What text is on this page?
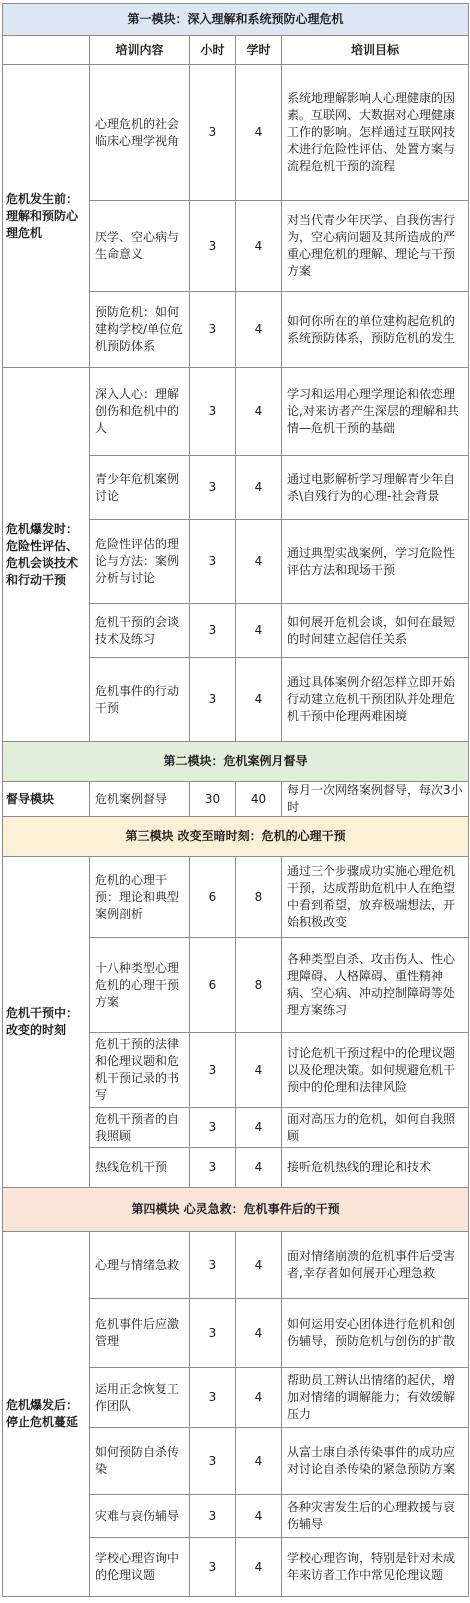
第一模块：深入理解和系统预防心理危机				
	培训内容	小时	学时	培训目标
危机发生前：理解和预防心理危机	心理危机的社会临床心理学视角	3	4	系统地理解影响人心理健康的因素。互联网、大数据对心理健康工作的影响。怎样通过互联网技术进行危险性评估、处置方案与流程危机干预的流程
	厌学、空心病与生命意义	3	4	对当代青少年厌学、自我伤害行为，空心病问题及其所造成的严重心理危机的理解、理论与干预方案
	预防危机：如何建构学校/单位危机预防体系	3	4	如何你所在的单位建构起危机的系统预防体系，预防危机的发生
危机爆发时：危险性评估、危机会谈技术和行动干预	深入人心：理解创伤和危机中的人	3	4	学习和运用心理学理论和依恋理论,对来访者产生深层的理解和共情—危机干预的基础
	青少年危机案例讨论	3	4	通过电影解析学习理解青少年自杀\自残行为的心理-社会背景
	危险性评估的理论与方法：案例分析与讨论	3	4	通过典型实战案例，学习危险性评估方法和现场干预
	危机干预的会谈技术及练习	3	4	如何展开危机会谈，如何在最短的时间建立起信任关系
	危机事件的行动干预	3	4	通过具体案例介绍怎样立即开始行动建立危机干预团队并处理危机干预中伦理两难困境
第二模块：危机案例月督导				
督导模块	危机案例督导	30	40	每月一次网络案例督导，每次3小时
第三模块 改变至暗时刻：危机的心理干预				
危机干预中：改变的时刻	危机的心理干预：理论和典型案例剖析	6	8	通过三个步骤成功实施心理危机干预，达成帮助危机中人在绝望中看到希望，放弃极端想法，开始积极改变
	十八种类型心理危机的心理干预方案	6	8	各种类型自杀、攻击伤人、性心理障碍、人格障碍、重性精神病、空心病、冲动控制障碍等处理方案练习
	危机干预的法律和伦理议题和危机干预记录的书写	3	4	讨论危机干预过程中的伦理议题以及伦理决策。如何规避危机干预中的伦理和法律风险
	危机干预者的自我照顾	3	4	面对高压力的危机，如何自我照顾
	热线危机干预	3	4	接听危机热线的理论和技术
第四模块 心灵急救：危机事件后的干预				
危机爆发后：停止危机蔓延	心理与情绪急救	3	4	面对情绪崩溃的危机事件后受害者,幸存者如何展开心理急救
	危机事件后应激管理	3	4	如何运用安心团体进行危机和创伤辅导，预防危机与创伤的扩散
	运用正念恢复工作团队	3	4	帮助员工辨认出情绪的起伏，增加对情绪的调解能力；有效缓解压力
	如何预防自杀传染	3	4	从富士康自杀传染事件的成功应对讨论自杀传染的紧急预防方案
	灾难与哀伤辅导	3	4	各种灾害发生后的心理救援与哀伤辅导
	学校心理咨询中的伦理议题	3	4	学校心理咨询，特别是针对未成年来访者工作中常见伦理议题
